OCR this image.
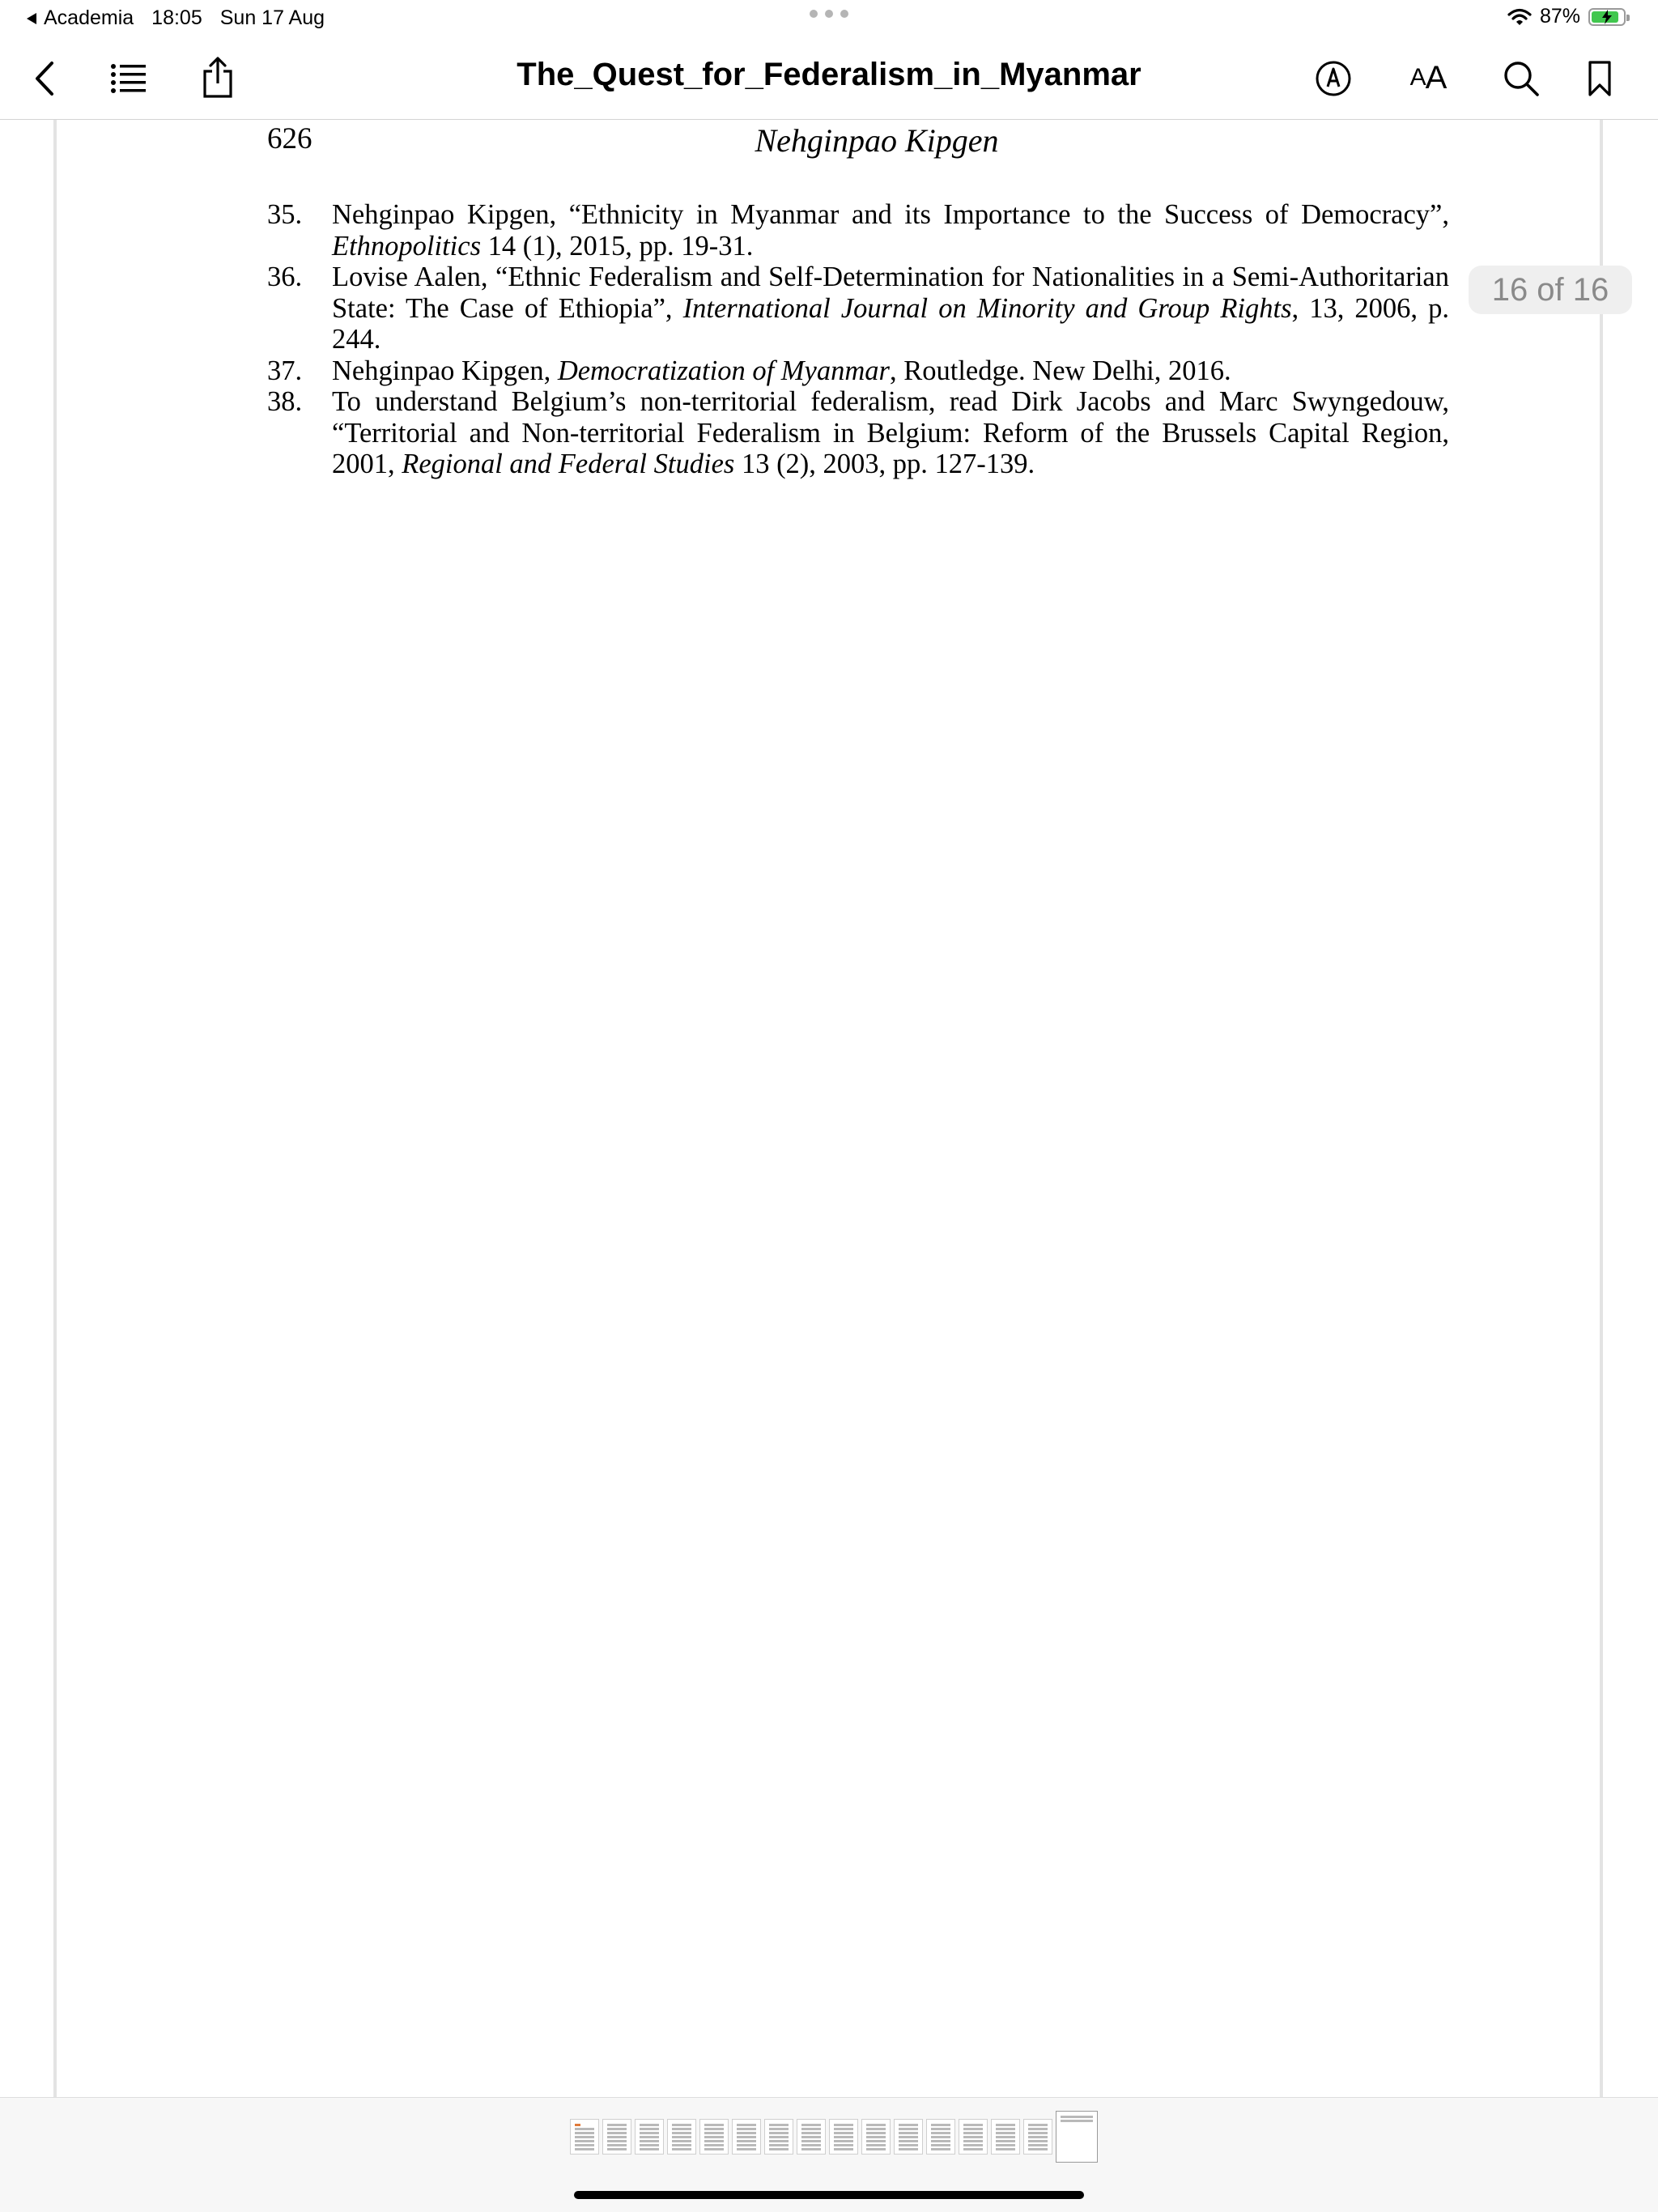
Academia 18:05 Sun 17 Aug	87%
The_Quest_for_Federalism_in_Myanmar	A A
626	Nehginpao Kipgen
35.	Nehginpao Kipgen, “Ethnicity in Myanmar and its Importance to the Success of Democracy”, Ethnopolitics 14 (1), 2015, pp. 19-31.
36.	Lovise Aalen, “Ethnic Federalism and Self-Determination for Nationalities in a Semi-Authoritarian State: The Case of Ethiopia”, International Journal on Minority and Group Rights, 13, 2006, p. 244.
37.	Nehginpao Kipgen, Democratization of Myanmar, Routledge. New Delhi, 2016.
38.	To understand Belgium’s non-territorial federalism, read Dirk Jacobs and Marc Swyngedouw, “Territorial and Non-territorial Federalism in Belgium: Reform of the Brussels Capital Region, 2001, Regional and Federal Studies 13 (2), 2003, pp. 127-139.
16 of 16
